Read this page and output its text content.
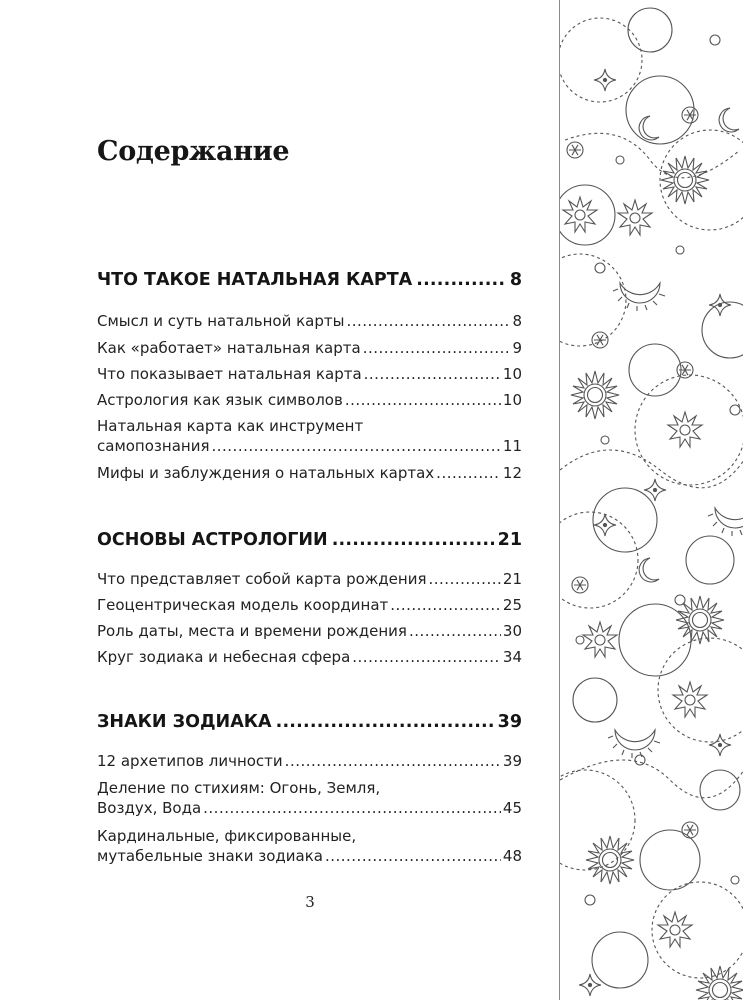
Содержание
ЧТО ТАКОЕ НАТАЛЬНАЯ КАРТА .....	8
Смысл и суть натальной карты .....	8
Как «работает» натальная карта .....	9
Что показывает натальная карта .....	10
Астрология как язык символов .....	10
Натальная карта как инструмент
самопознания .....	11
Мифы и заблуждения о натальных картах .....	12
ОСНОВЫ АСТРОЛОГИИ .....	21
Что представляет собой карта рождения .....	21
Геоцентрическая модель координат .....	25
Роль даты, места и времени рождения .....	30
Круг зодиака и небесная сфера .....	34
ЗНАКИ ЗОДИАКА .....	39
12 архетипов личности .....	39
Деление по стихиям: Огонь, Земля,
Воздух, Вода .....	45
Кардинальные, фиксированные,
мутабельные знаки зодиака .....	48
3
